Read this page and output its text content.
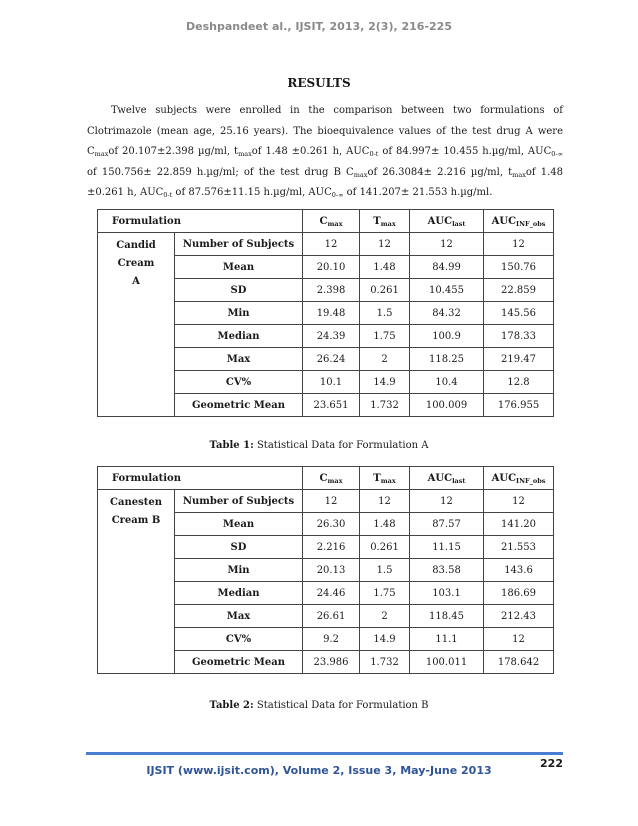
Deshpandeet al., IJSIT, 2013, 2(3), 216-225
RESULTS

Twelve subjects were enrolled in the comparison between two formulations of Clotrimazole (mean age, 25.16 years). The bioequivalence values of the test drug A were $C_{max}of$ 20.107±2.398 µg/ml, $t_{max}of$ 1.48 ±0.261 h, $AUC_{0-t}$ of 84.997± 10.455 h.µg/ml, $AUC_{0-\infty}$ of 150.756± 22.859 h.µg/ml; of the test drug B $C_{max}of$ 26.3084± 2.216 µg/ml, $t_{max}of$ 1.48 ±0.261 h, $AUC_{0-t}$ of 87.576±11.15 h.µg/ml, $AUC_{0-\infty}$ of 141.207± 21.553 h.µg/ml.

Formulation		$C_{max}$	$T_{max}$	$AUC_{last}$	$AUC_{INF\_obs}$
Candid Cream
A	Number of Subjects	12	12	12	12
	Mean	20.10	1.48	84.99	150.76
	SD	2.398	0.261	10.455	22.859
	Min	19.48	1.5	84.32	145.56
	Median	24.39	1.75	100.9	178.33
	Max	26.24	2	118.25	219.47
	CV%	10.1	14.9	10.4	12.8
	Geometric Mean	23.651	1.732	100.009	176.955
Table 1: Statistical Data for Formulation A
Formulation		$C_{max}$	$T_{max}$	$AUC_{last}$	$AUC_{INF\_obs}$
Canesten
Cream B	Number of Subjects	12	12	12	12
	Mean	26.30	1.48	87.57	141.20
	SD	2.216	0.261	11.15	21.553
	Min	20.13	1.5	83.58	143.6
	Median	24.46	1.75	103.1	186.69
	Max	26.61	2	118.45	212.43
	CV%	9.2	14.9	11.1	12
	Geometric Mean	23.986	1.732	100.011	178.642
Table 2: Statistical Data for Formulation B
222
IJSIT (www.ijsit.com), Volume 2, Issue 3, May-June 2013
